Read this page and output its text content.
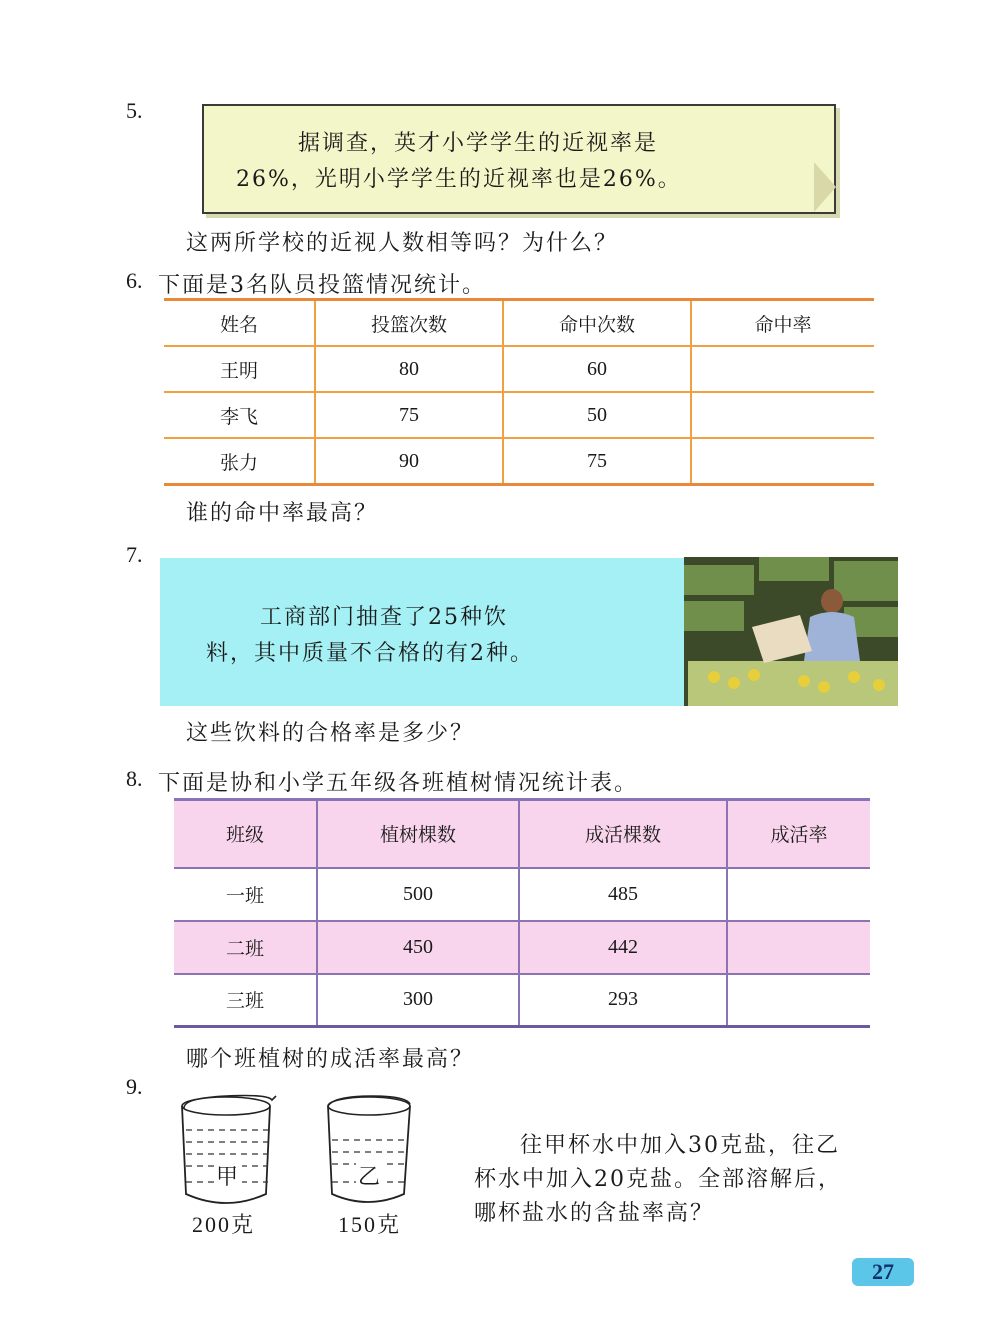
5.
据调查，英才小学学生的近视率是
26%，光明小学学生的近视率也是26%。
这两所学校的近视人数相等吗？为什么？
6. 下面是3名队员投篮情况统计。
姓名	投篮次数	命中次数	命中率
王明	80	60	
李飞	75	50	
张力	90	75	
谁的命中率最高？
7.
工商部门抽查了25种饮
料，其中质量不合格的有2种。
这些饮料的合格率是多少？
8. 下面是协和小学五年级各班植树情况统计表。
班级	植树棵数	成活棵数	成活率
一班	500	485	
二班	450	442	
三班	300	293	
哪个班植树的成活率最高？
9.
甲
200克
乙
150克
往甲杯水中加入30克盐，往乙
杯水中加入20克盐。全部溶解后，
哪杯盐水的含盐率高？
27
